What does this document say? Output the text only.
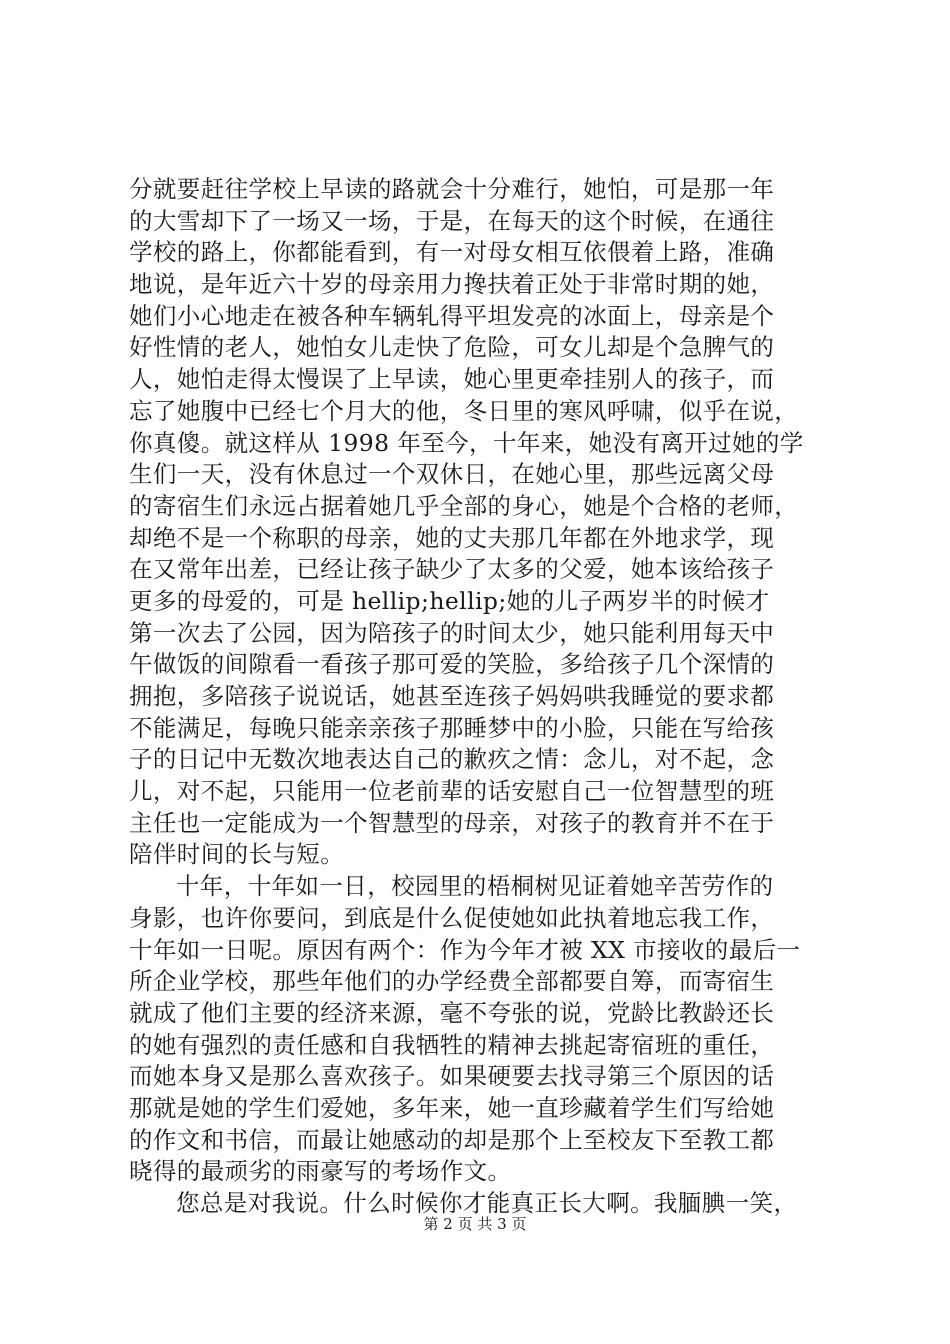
分就要赶往学校上早读的路就会十分难行，她怕，可是那一年
的大雪却下了一场又一场，于是，在每天的这个时候，在通往
学校的路上，你都能看到，有一对母女相互依偎着上路，准确
地说，是年近六十岁的母亲用力搀扶着正处于非常时期的她，
她们小心地走在被各种车辆轧得平坦发亮的冰面上，母亲是个
好性情的老人，她怕女儿走快了危险，可女儿却是个急脾气的
人，她怕走得太慢误了上早读，她心里更牵挂别人的孩子，而
忘了她腹中已经七个月大的他，冬日里的寒风呼啸，似乎在说，
你真傻。就这样从 1998 年至今，十年来，她没有离开过她的学
生们一天，没有休息过一个双休日，在她心里，那些远离父母
的寄宿生们永远占据着她几乎全部的身心，她是个合格的老师，
却绝不是一个称职的母亲，她的丈夫那几年都在外地求学，现
在又常年出差，已经让孩子缺少了太多的父爱，她本该给孩子
更多的母爱的，可是 hellip;hellip;她的儿子两岁半的时候才
第一次去了公园，因为陪孩子的时间太少，她只能利用每天中
午做饭的间隙看一看孩子那可爱的笑脸，多给孩子几个深情的
拥抱，多陪孩子说说话，她甚至连孩子妈妈哄我睡觉的要求都
不能满足，每晚只能亲亲孩子那睡梦中的小脸，只能在写给孩
子的日记中无数次地表达自己的歉疚之情：念儿，对不起，念
儿，对不起，只能用一位老前辈的话安慰自己一位智慧型的班
主任也一定能成为一个智慧型的母亲，对孩子的教育并不在于
陪伴时间的长与短。
十年，十年如一日，校园里的梧桐树见证着她辛苦劳作的
身影，也许你要问，到底是什么促使她如此执着地忘我工作，
十年如一日呢。原因有两个：作为今年才被 XX 市接收的最后一
所企业学校，那些年他们的办学经费全部都要自筹，而寄宿生
就成了他们主要的经济来源，毫不夸张的说，党龄比教龄还长
的她有强烈的责任感和自我牺牲的精神去挑起寄宿班的重任，
而她本身又是那么喜欢孩子。如果硬要去找寻第三个原因的话
那就是她的学生们爱她，多年来，她一直珍藏着学生们写给她
的作文和书信，而最让她感动的却是那个上至校友下至教工都
晓得的最顽劣的雨豪写的考场作文。
您总是对我说。什么时候你才能真正长大啊。我腼腆一笑，
第 2 页 共 3 页
